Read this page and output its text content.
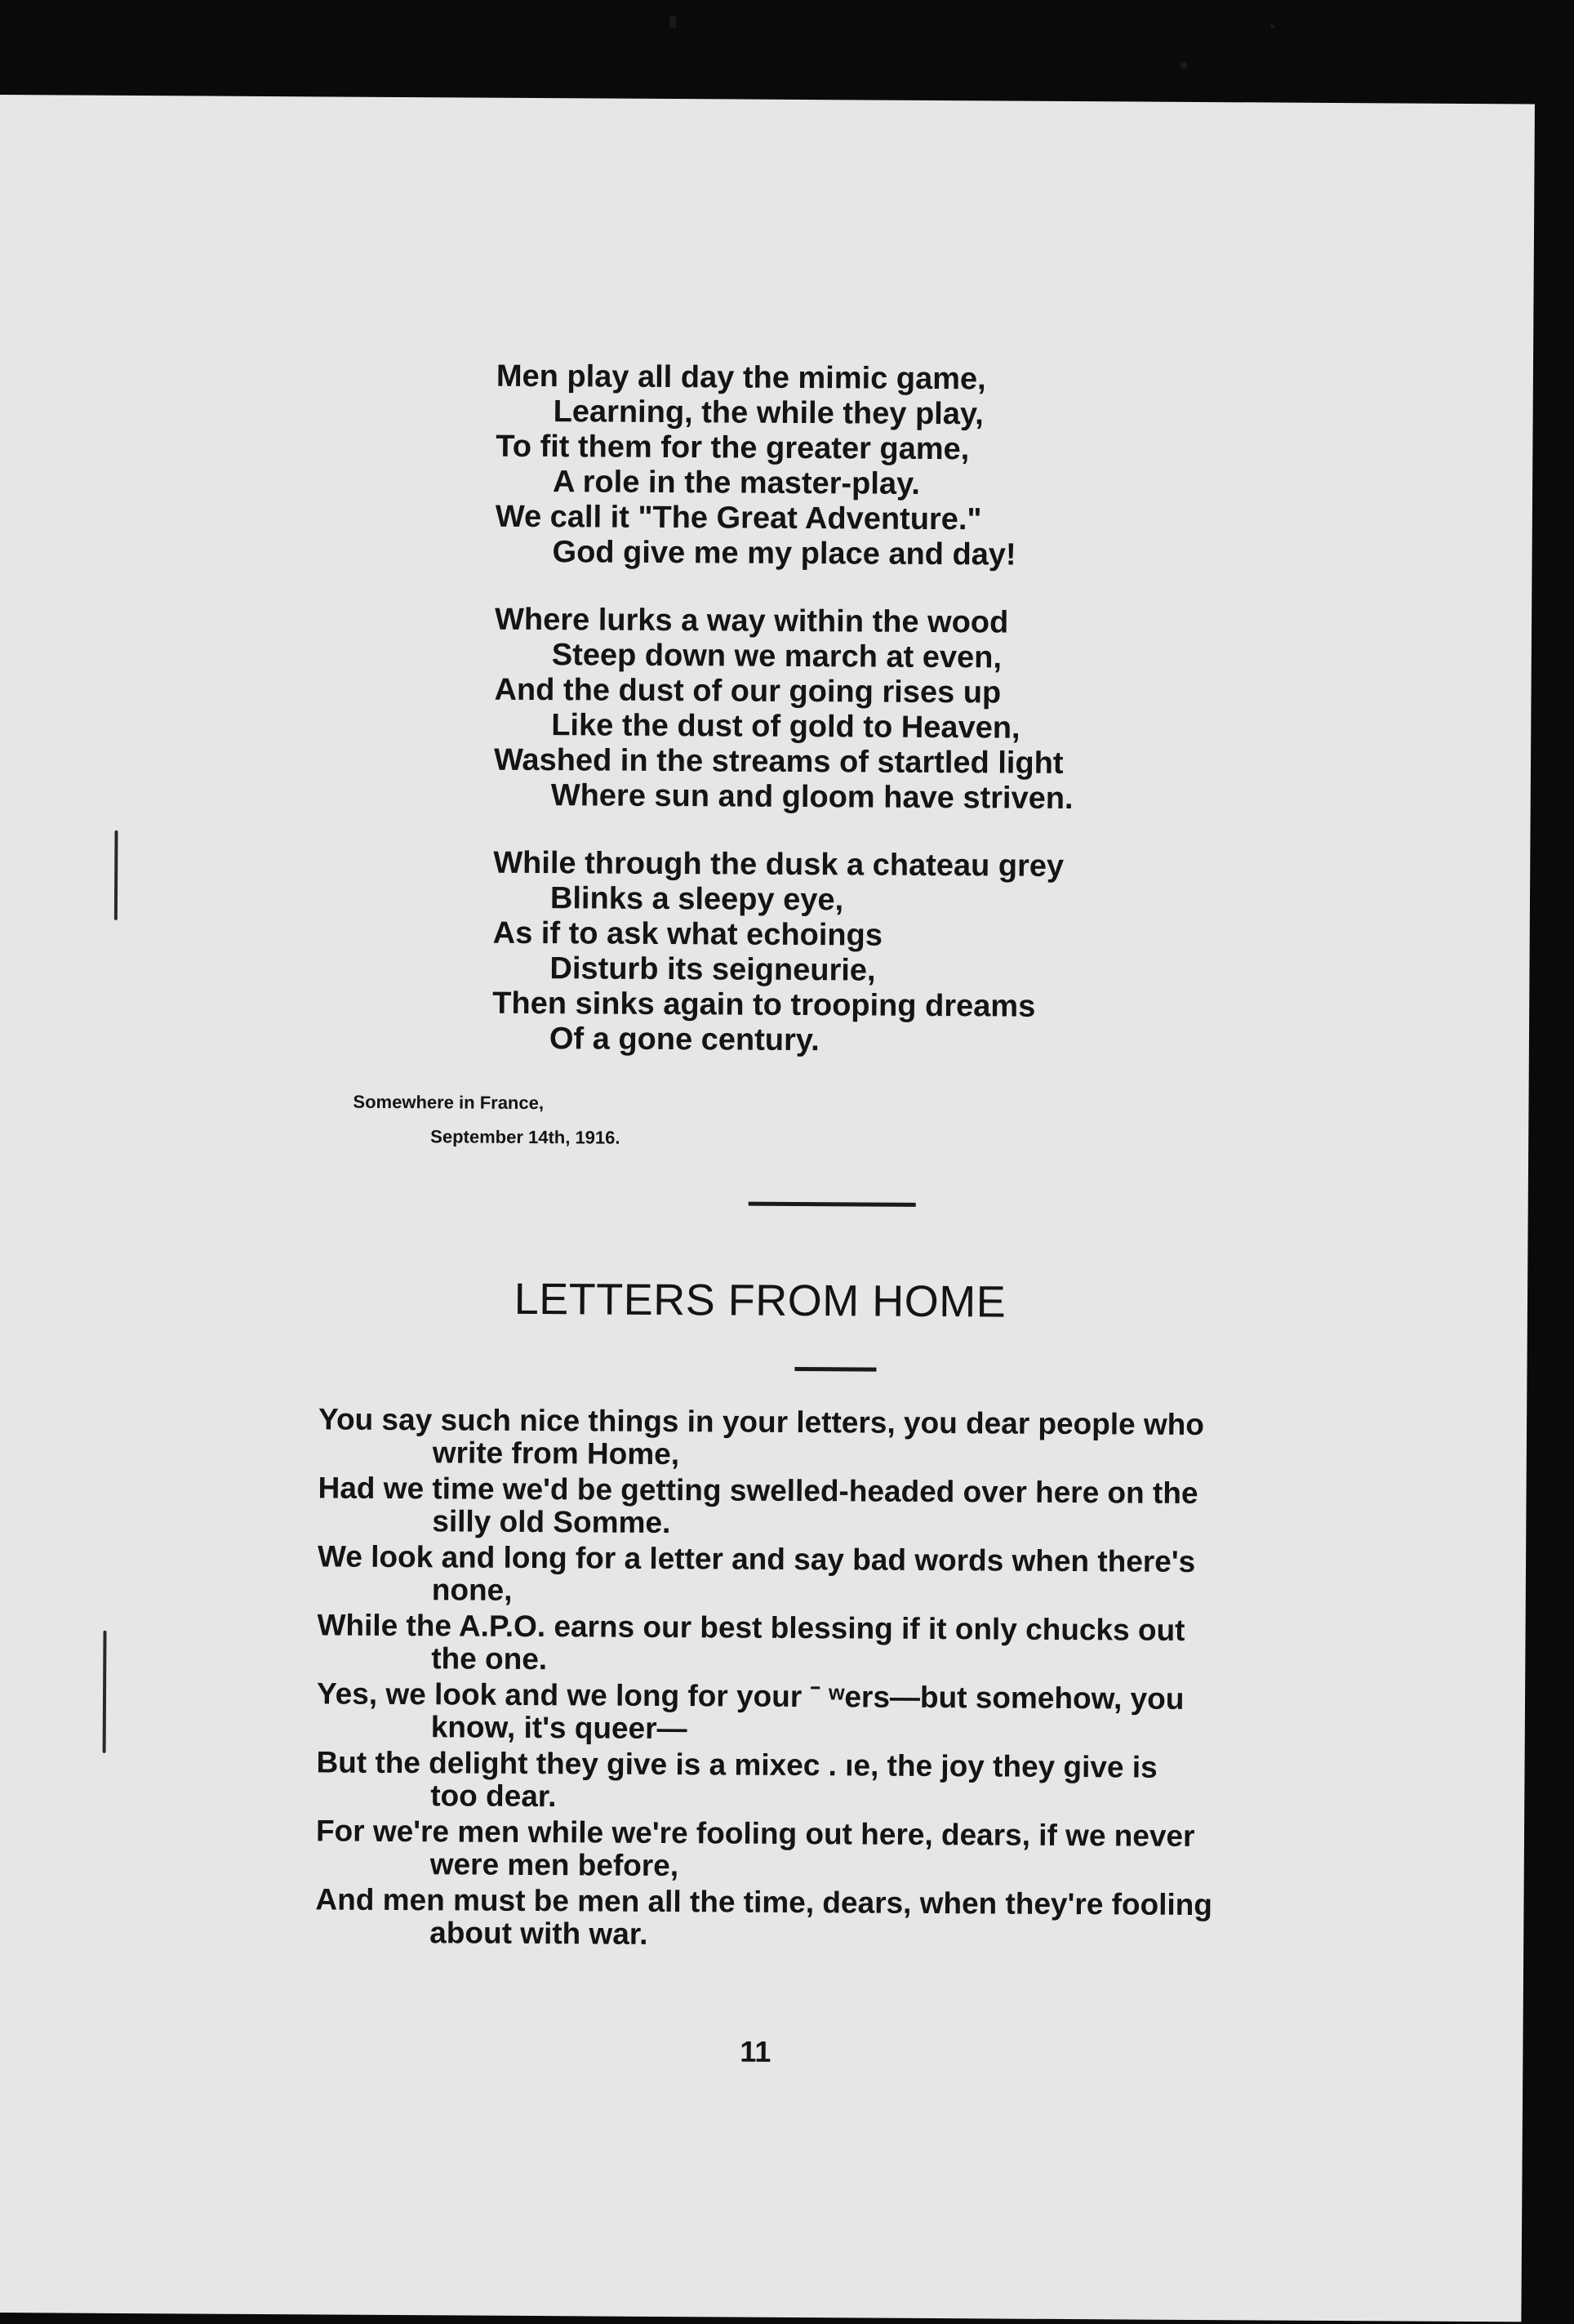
Men play all day the mimic game,
Learning, the while they play,
To fit them for the greater game,
A role in the master-play.
We call it "The Great Adventure."
God give me my place and day!
Where lurks a way within the wood
Steep down we march at even,
And the dust of our going rises up
Like the dust of gold to Heaven,
Washed in the streams of startled light
Where sun and gloom have striven.
While through the dusk a chateau grey
Blinks a sleepy eye,
As if to ask what echoings
Disturb its seigneurie,
Then sinks again to trooping dreams
Of a gone century.
Somewhere in France,
September 14th, 1916.
LETTERS FROM HOME
You say such nice things in your letters, you dear people who
write from Home,
Had we time we'd be getting swelled-headed over here on the
silly old Somme.
We look and long for a letter and say bad words when there's
none,
While the A.P.O. earns our best blessing if it only chucks out
the one.
Yes, we look and we long for your ˉ ʷers—but somehow, you
know, it's queer—
But the delight they give is a mixec . ıe, the joy they give is
too dear.
For we're men while we're fooling out here, dears, if we never
were men before,
And men must be men all the time, dears, when they're fooling
about with war.
11
